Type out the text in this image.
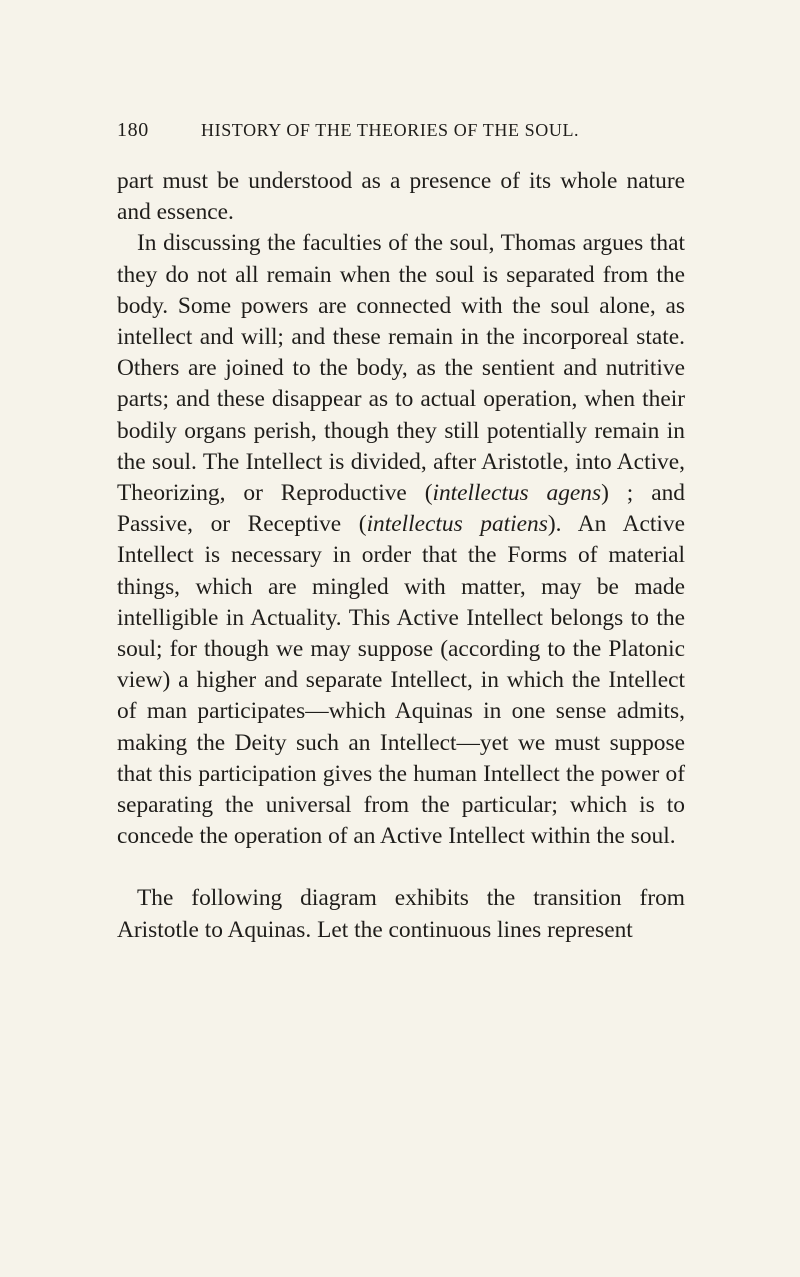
180	HISTORY OF THE THEORIES OF THE SOUL.

part must be understood as a presence of its whole nature and essence.

In discussing the faculties of the soul, Thomas argues that they do not all remain when the soul is separated from the body. Some powers are connected with the soul alone, as intellect and will; and these remain in the incorporeal state. Others are joined to the body, as the sentient and nutritive parts; and these disappear as to actual operation, when their bodily organs perish, though they still potentially remain in the soul. The Intellect is divided, after Aristotle, into Active, Theorizing, or Reproductive (intellectus agens) ; and Passive, or Receptive (intellectus patiens). An Active Intellect is necessary in order that the Forms of material things, which are mingled with matter, may be made intelligible in Actuality. This Active Intellect belongs to the soul; for though we may suppose (according to the Platonic view) a higher and separate Intellect, in which the Intellect of man participates—which Aquinas in one sense admits, making the Deity such an Intellect—yet we must suppose that this participation gives the human Intellect the power of separating the universal from the particular; which is to concede the operation of an Active Intellect within the soul.

The following diagram exhibits the transition from Aristotle to Aquinas. Let the continuous lines represent
